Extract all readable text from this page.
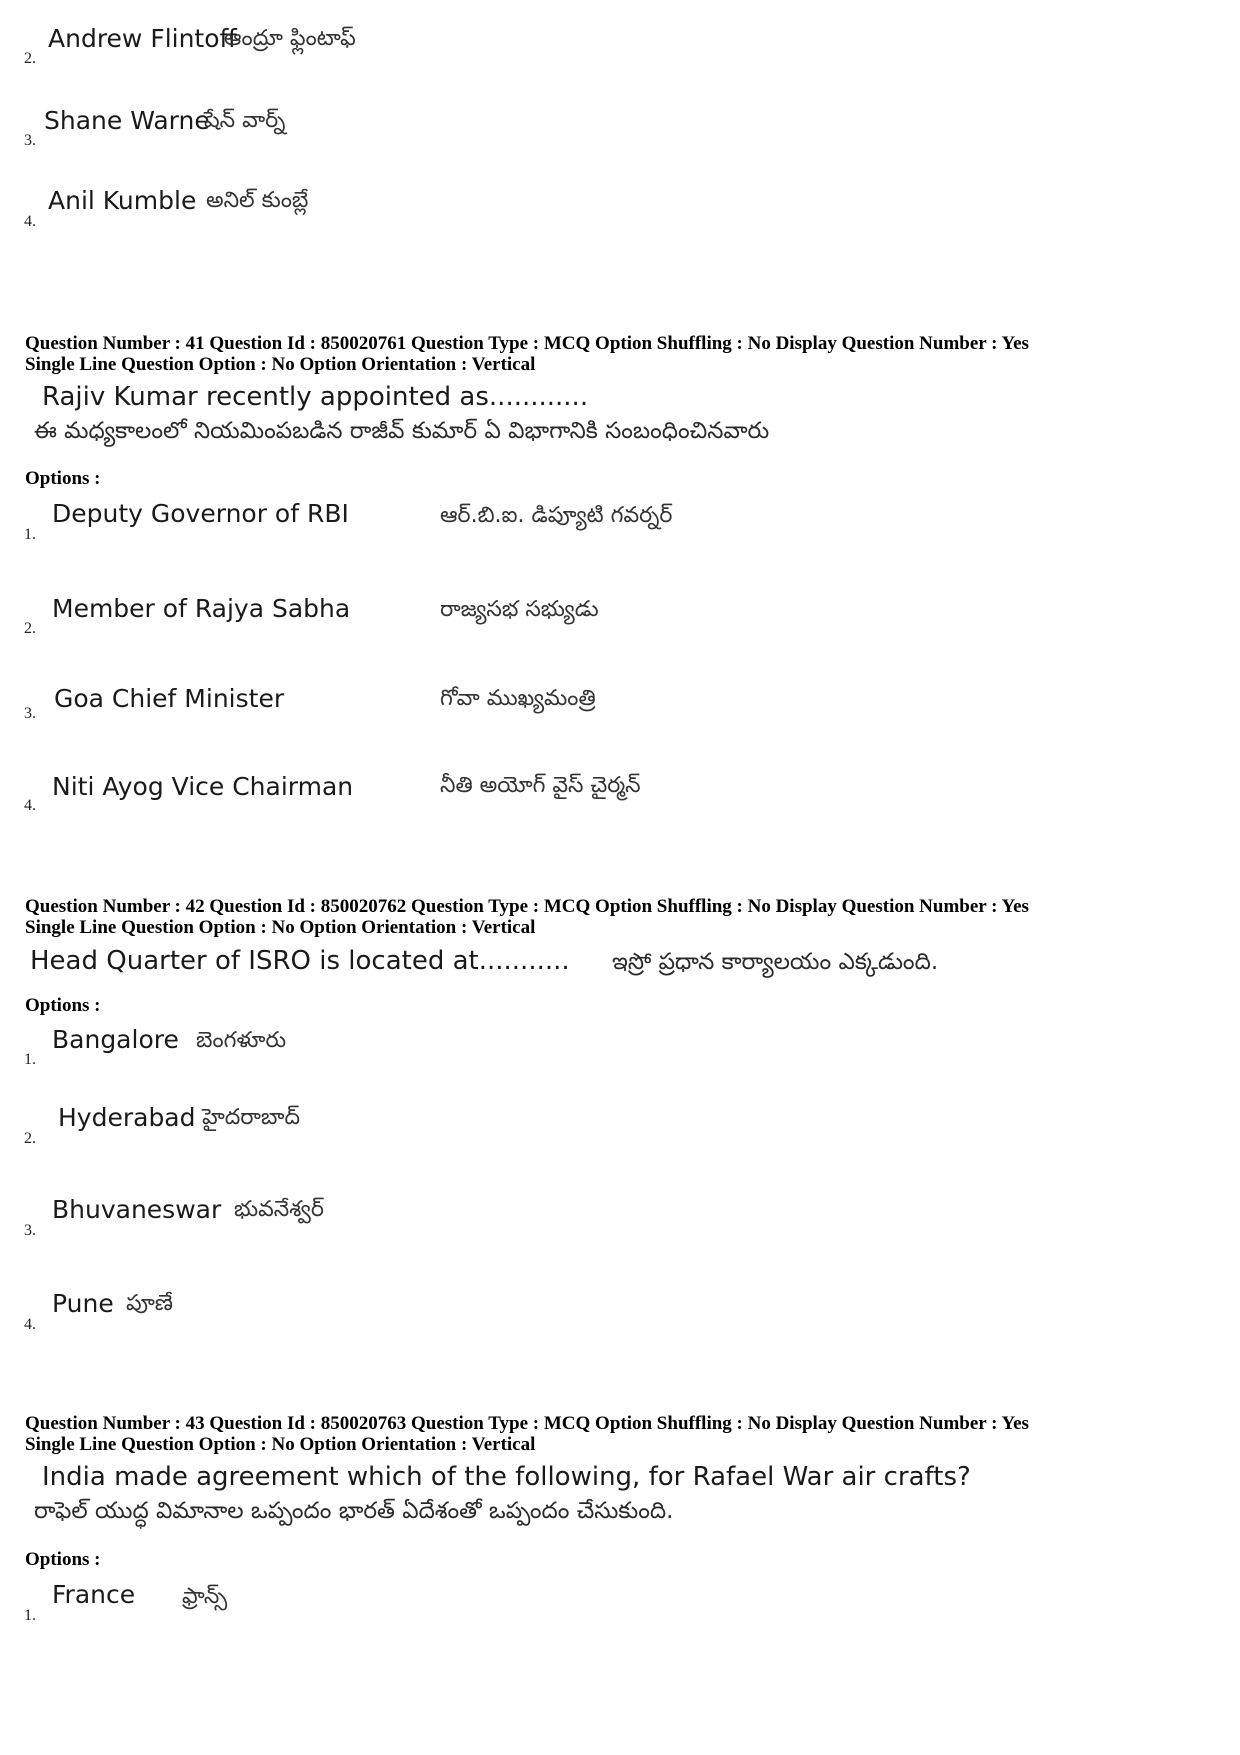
2.
Andrew Flintoff
ఆంద్రూ ఫ్లింటాఫ్
3.
Shane Warne
షేన్ వార్న్
4.
Anil Kumble అనిల్ కుంబ్లే
Question Number : 41 Question Id : 850020761 Question Type : MCQ Option Shuffling : No Display Question Number : Yes
Single Line Question Option : No Option Orientation : Vertical
Rajiv Kumar recently appointed as............
ఈ మధ్యకాలంలో నియమింపబడిన రాజీవ్ కుమార్ ఏ విభాగానికి సంబంధించినవారు
Options :
1.
Deputy Governor of RBI	ఆర్.బి.ఐ. డిప్యూటి గవర్నర్
2.
Member of Rajya Sabha	రాజ్యసభ సభ్యుడు
3.
Goa Chief Minister	గోవా ముఖ్యమంత్రి
4.
Niti Ayog Vice Chairman	నీతి అయోగ్ వైస్ చైర్మన్
Question Number : 42 Question Id : 850020762 Question Type : MCQ Option Shuffling : No Display Question Number : Yes
Single Line Question Option : No Option Orientation : Vertical
Head Quarter of ISRO is located at........... ఇస్రో ప్రధాన కార్యాలయం ఎక్కడుంది.
Options :
1.
Bangalore బెంగళూరు
2.
Hyderabad హైదరాబాద్
3.
Bhuvaneswar భువనేశ్వర్
4.
Pune పూణే
Question Number : 43 Question Id : 850020763 Question Type : MCQ Option Shuffling : No Display Question Number : Yes
Single Line Question Option : No Option Orientation : Vertical
India made agreement which of the following, for Rafael War air crafts?
రాఫెల్ యుద్ధ విమానాల ఒప్పందం భారత్ ఏదేశంతో ఒప్పందం చేసుకుంది.
Options :
1.
France ఫ్రాన్స్
